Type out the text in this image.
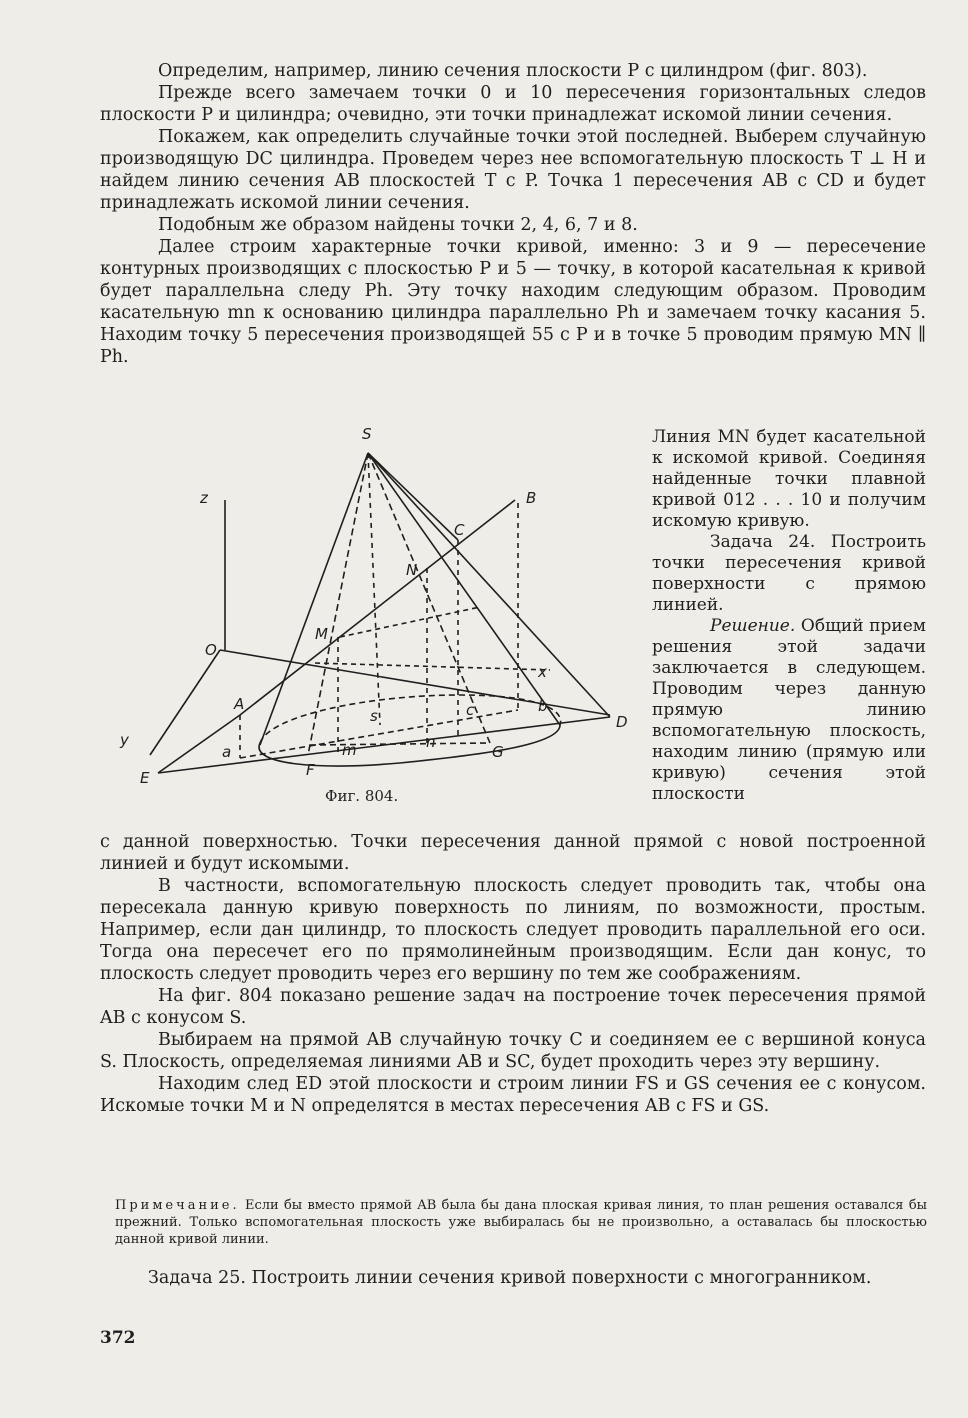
Определим, например, линию сечения плоскости P с цилиндром (фиг. 803).

Прежде всего замечаем точки 0 и 10 пересечения горизонтальных следов плоскости P и цилиндра; очевидно, эти точки принадлежат искомой линии сечения.

Покажем, как определить случайные точки этой последней. Выберем случайную производящую DC цилиндра. Проведем через нее вспомогательную плоскость T ⊥ H и найдем линию сечения AB плоскостей T с P. Точка 1 пересечения AB с CD и будет принадлежать искомой линии сечения.

Подобным же образом найдены точки 2, 4, 6, 7 и 8.

Далее строим характерные точки кривой, именно: 3 и 9 — пересечение контурных производящих с плоскостью P и 5 — точку, в которой касательная к кривой будет параллельна следу Ph. Эту точку находим следующим образом. Проводим касательную mn к основанию цилиндра параллельно Ph и замечаем точку касания 5. Находим точку 5 пересечения производящей 55 с P и в точке 5 проводим прямую MN ∥ Ph.

S
z
O
y
B
C
N
M
x
A
a
s	c	b
D
m	n
G
E	F
Фиг. 804.

Линия MN будет касательной к искомой кривой. Соединяя найденные точки плавной кривой 012 . . . 10 и получим искомую кривую.

Задача 24. Построить точки пересечения кривой поверхности с прямою линией.

Решение. Общий прием решения этой задачи заключается в следующем. Проводим через данную прямую линию вспомогательную плоскость, находим линию (прямую или кривую) сечения этой плоскости

с данной поверхностью. Точки пересечения данной прямой с новой построенной линией и будут искомыми.

В частности, вспомогательную плоскость следует проводить так, чтобы она пересекала данную кривую поверхность по линиям, по возможности, простым. Например, если дан цилиндр, то плоскость следует проводить параллельной его оси. Тогда она пересечет его по прямолинейным производящим. Если дан конус, то плоскость следует проводить через его вершину по тем же соображениям.

На фиг. 804 показано решение задач на построение точек пересечения прямой AB с конусом S.

Выбираем на прямой AB случайную точку C и соединяем ее с вершиной конуса S. Плоскость, определяемая линиями AB и SC, будет проходить через эту вершину.

Находим след ED этой плоскости и строим линии FS и GS сечения ее с конусом. Искомые точки M и N определятся в местах пересечения AB с FS и GS.

Примечание. Если бы вместо прямой AB была бы дана плоская кривая линия, то план решения оставался бы прежний. Только вспомогательная плоскость уже выбиралась бы не произвольно, а оставалась бы плоскостью данной кривой линии.
Задача 25. Построить линии сечения кривой поверхности с многогранником.
372
